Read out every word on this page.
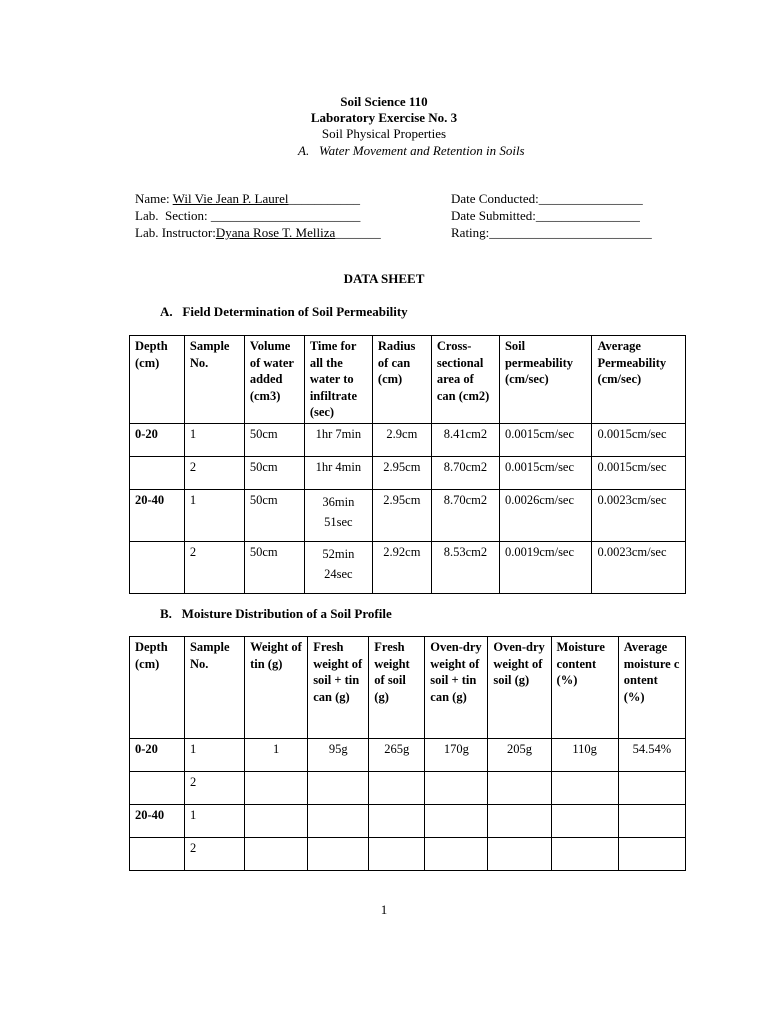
Soil Science 110
Laboratory Exercise No. 3
Soil Physical Properties
A.   Water Movement and Retention in Soils
Name: Wil Vie Jean P. Laurel___________
Lab.  Section: _______________________
Lab. Instructor:Dyana Rose T. Melliza_______
Date Conducted:________________
Date Submitted:________________
Rating:_________________________
DATA SHEET
A.   Field Determination of Soil Permeability
Depth (cm)	Sample No.	Volume of water added (cm3)	Time for all the water to infiltrate (sec)	Radius of can (cm)	Cross-sectional area of can (cm2)	Soil permeability (cm/sec)	Average Permeability (cm/sec)
0-20	1	50cm	1hr 7min	2.9cm	8.41cm2	0.0015cm/sec	0.0015cm/sec
	2	50cm	1hr 4min	2.95cm	8.70cm2	0.0015cm/sec	0.0015cm/sec
20-40	1	50cm	36min 51sec	2.95cm	8.70cm2	0.0026cm/sec	0.0023cm/sec
	2	50cm	52min 24sec	2.92cm	8.53cm2	0.0019cm/sec	0.0023cm/sec
B.   Moisture Distribution of a Soil Profile
Depth (cm)	Sample No.	Weight of tin (g)	Fresh weight of soil + tin can (g)	Fresh weight of soil (g)	Oven-dry weight of soil + tin can (g)	Oven-dry weight of soil (g)	Moisture content (%)	Average moisture content (%)
0-20	1	1	95g	265g	170g	205g	110g	54.54%
	2							
20-40	1							
	2							
1
